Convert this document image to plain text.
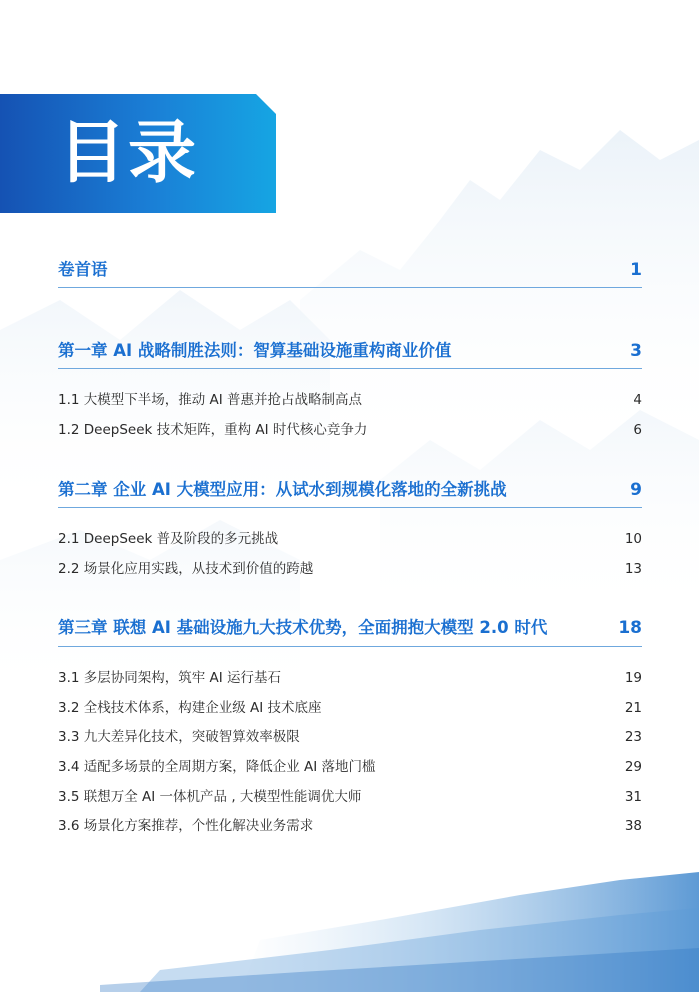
目录
卷首语	1
第一章 AI 战略制胜法则：智算基础设施重构商业价值	3
1.1 大模型下半场，推动 AI 普惠并抢占战略制高点	4
1.2 DeepSeek 技术矩阵，重构 AI 时代核心竞争力	6
第二章 企业 AI 大模型应用：从试水到规模化落地的全新挑战	9
2.1 DeepSeek 普及阶段的多元挑战	10
2.2 场景化应用实践，从技术到价值的跨越	13
第三章 联想 AI 基础设施九大技术优势，全面拥抱大模型 2.0 时代	18
3.1 多层协同架构，筑牢 AI 运行基石	19
3.2 全栈技术体系，构建企业级 AI 技术底座	21
3.3 九大差异化技术，突破智算效率极限	23
3.4 适配多场景的全周期方案，降低企业 AI 落地门槛	29
3.5 联想万全 AI 一体机产品 , 大模型性能调优大师	31
3.6 场景化方案推荐，个性化解决业务需求	38
